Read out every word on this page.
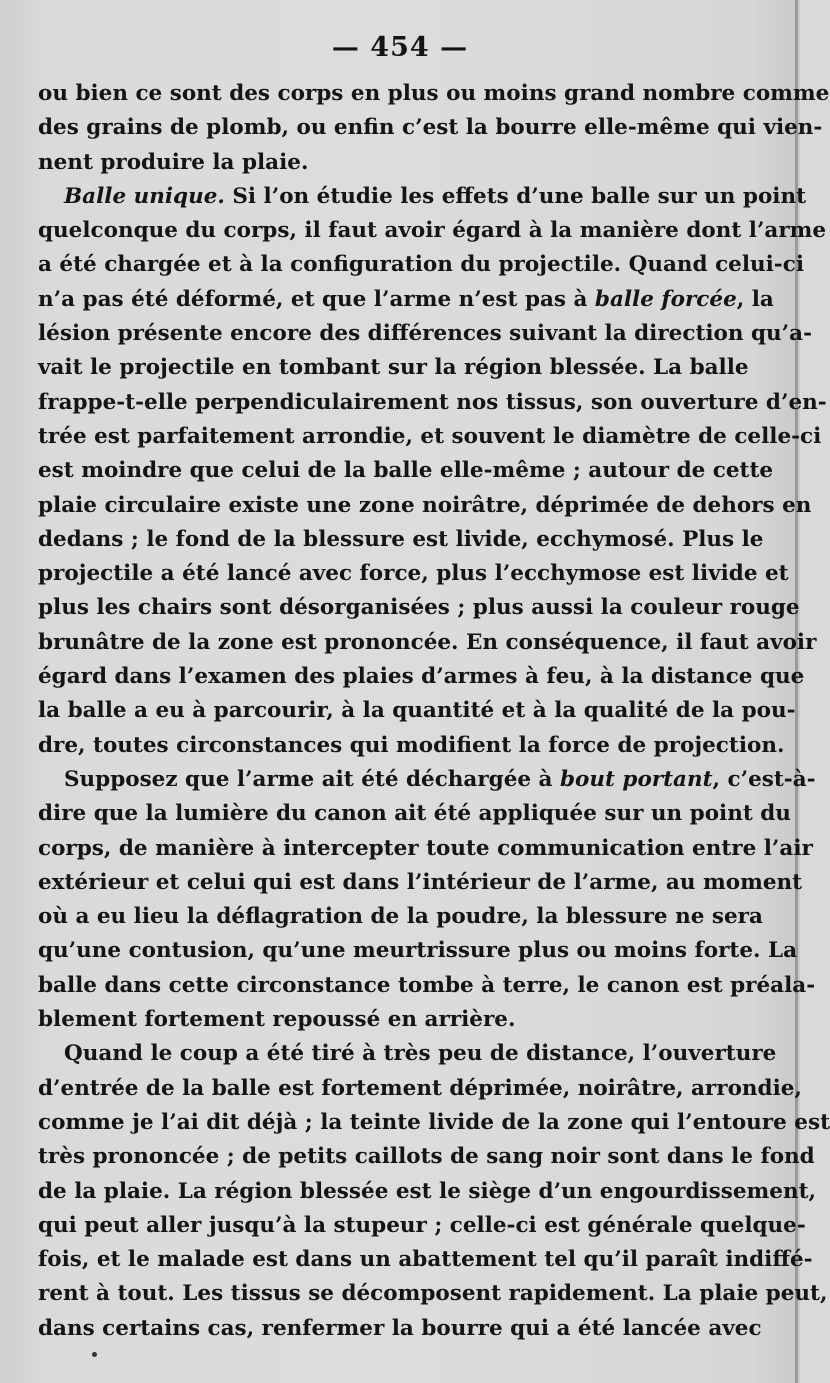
— 454 —
ou bien ce sont des corps en plus ou moins grand nombre comme
des grains de plomb, ou enfin c’est la bourre elle-même qui vien-
nent produire la plaie.
Balle unique. Si l’on étudie les effets d’une balle sur un point
quelconque du corps, il faut avoir égard à la manière dont l’arme
a été chargée et à la configuration du projectile. Quand celui-ci
n’a pas été déformé, et que l’arme n’est pas à balle forcée, la
lésion présente encore des différences suivant la direction qu’a-
vait le projectile en tombant sur la région blessée. La balle
frappe-t-elle perpendiculairement nos tissus, son ouverture d’en-
trée est parfaitement arrondie, et souvent le diamètre de celle-ci
est moindre que celui de la balle elle-même ; autour de cette
plaie circulaire existe une zone noirâtre, déprimée de dehors en
dedans ; le fond de la blessure est livide, ecchymosé. Plus le
projectile a été lancé avec force, plus l’ecchymose est livide et
plus les chairs sont désorganisées ; plus aussi la couleur rouge
brunâtre de la zone est prononcée. En conséquence, il faut avoir
égard dans l’examen des plaies d’armes à feu, à la distance que
la balle a eu à parcourir, à la quantité et à la qualité de la pou-
dre, toutes circonstances qui modifient la force de projection.
Supposez que l’arme ait été déchargée à bout portant, c’est-à-
dire que la lumière du canon ait été appliquée sur un point du
corps, de manière à intercepter toute communication entre l’air
extérieur et celui qui est dans l’intérieur de l’arme, au moment
où a eu lieu la déflagration de la poudre, la blessure ne sera
qu’une contusion, qu’une meurtrissure plus ou moins forte. La
balle dans cette circonstance tombe à terre, le canon est préala-
blement fortement repoussé en arrière.
Quand le coup a été tiré à très peu de distance, l’ouverture
d’entrée de la balle est fortement déprimée, noirâtre, arrondie,
comme je l’ai dit déjà ; la teinte livide de la zone qui l’entoure est
très prononcée ; de petits caillots de sang noir sont dans le fond
de la plaie. La région blessée est le siège d’un engourdissement,
qui peut aller jusqu’à la stupeur ; celle-ci est générale quelque-
fois, et le malade est dans un abattement tel qu’il paraît indiffé-
rent à tout. Les tissus se décomposent rapidement. La plaie peut,
dans certains cas, renfermer la bourre qui a été lancée avec
